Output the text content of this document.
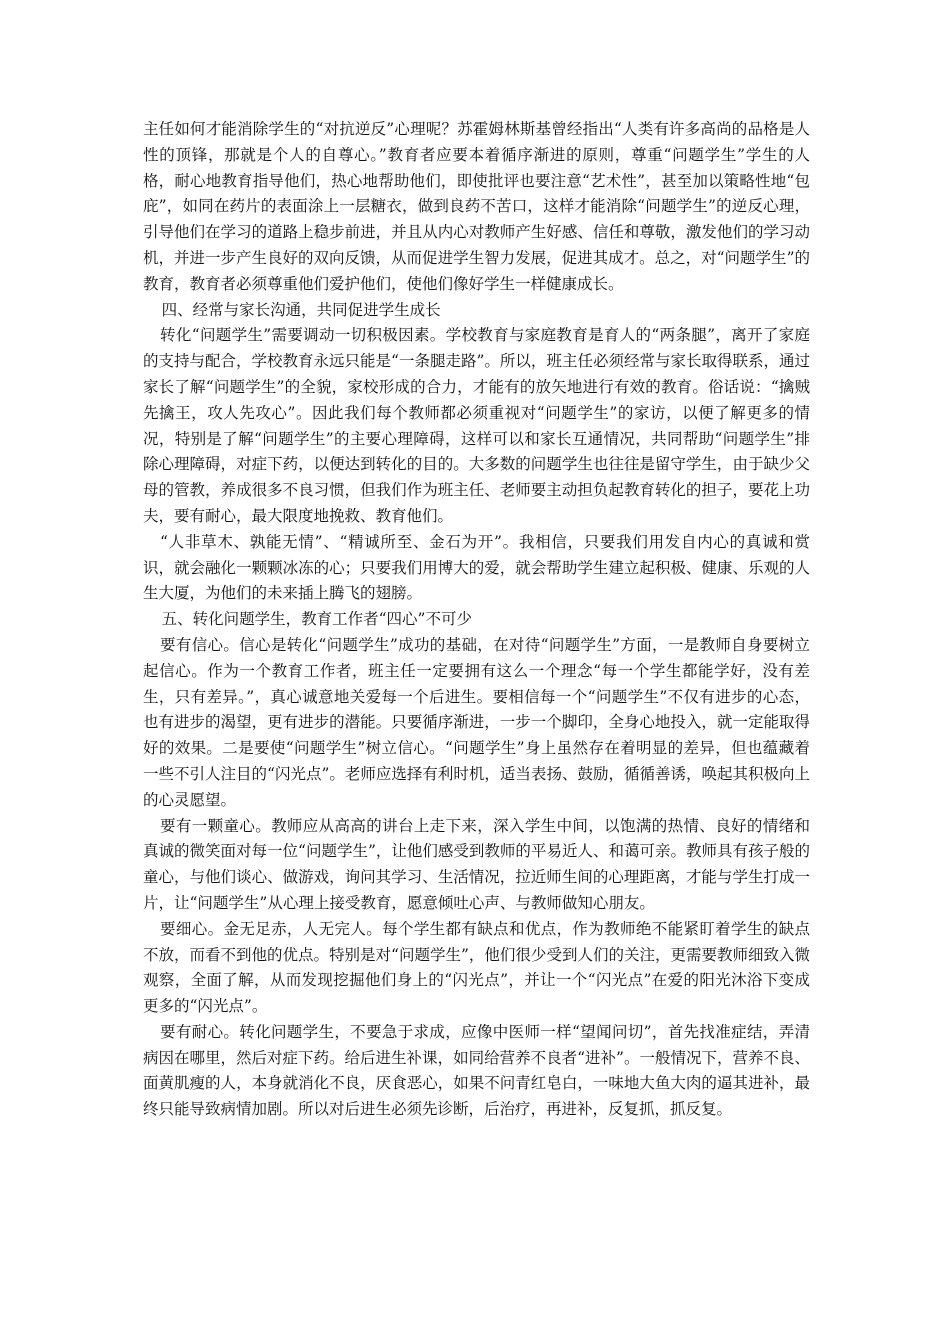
主任如何才能消除学生的“对抗逆反”心理呢？苏霍姆林斯基曾经指出“人类有许多高尚的品格是人性的顶锋，那就是个人的自尊心。”教育者应要本着循序渐进的原则，尊重“问题学生”学生的人格，耐心地教育指导他们，热心地帮助他们，即使批评也要注意“艺术性”，甚至加以策略性地“包庇”，如同在药片的表面涂上一层糖衣，做到良药不苦口，这样才能消除“问题学生”的逆反心理，引导他们在学习的道路上稳步前进，并且从内心对教师产生好感、信任和尊敬，激发他们的学习动机，并进一步产生良好的双向反馈，从而促进学生智力发展，促进其成才。总之，对“问题学生”的教育，教育者必须尊重他们爱护他们，使他们像好学生一样健康成长。

四、经常与家长沟通，共同促进学生成长

转化“问题学生”需要调动一切积极因素。学校教育与家庭教育是育人的“两条腿”，离开了家庭的支持与配合，学校教育永远只能是“一条腿走路”。所以，班主任必须经常与家长取得联系，通过家长了解“问题学生”的全貌，家校形成的合力，才能有的放矢地进行有效的教育。俗话说：“擒贼先擒王，攻人先攻心”。因此我们每个教师都必须重视对“问题学生”的家访，以便了解更多的情况，特别是了解“问题学生”的主要心理障碍，这样可以和家长互通情况，共同帮助“问题学生”排除心理障碍，对症下药，以便达到转化的目的。大多数的问题学生也往往是留守学生，由于缺少父母的管教，养成很多不良习惯，但我们作为班主任、老师要主动担负起教育转化的担子，要花上功夫，要有耐心，最大限度地挽救、教育他们。

“人非草木、孰能无情”、“精诚所至、金石为开”。我相信，只要我们用发自内心的真诚和赏识，就会融化一颗颗冰冻的心；只要我们用博大的爱，就会帮助学生建立起积极、健康、乐观的人生大厦，为他们的未来插上腾飞的翅膀。

五、转化问题学生，教育工作者“四心”不可少

要有信心。信心是转化“问题学生”成功的基础，在对待“问题学生”方面，一是教师自身要树立起信心。作为一个教育工作者，班主任一定要拥有这么一个理念“每一个学生都能学好，没有差生，只有差异。”，真心诚意地关爱每一个后进生。要相信每一个“问题学生”不仅有进步的心态，也有进步的渴望，更有进步的潜能。只要循序渐进，一步一个脚印，全身心地投入，就一定能取得好的效果。二是要使“问题学生”树立信心。“问题学生”身上虽然存在着明显的差异，但也蕴藏着一些不引人注目的“闪光点”。老师应选择有利时机，适当表扬、鼓励，循循善诱，唤起其积极向上的心灵愿望。

要有一颗童心。教师应从高高的讲台上走下来，深入学生中间，以饱满的热情、良好的情绪和真诚的微笑面对每一位“问题学生”，让他们感受到教师的平易近人、和蔼可亲。教师具有孩子般的童心，与他们谈心、做游戏，询问其学习、生活情况，拉近师生间的心理距离，才能与学生打成一片，让“问题学生”从心理上接受教育，愿意倾吐心声、与教师做知心朋友。

要细心。金无足赤，人无完人。每个学生都有缺点和优点，作为教师绝不能紧盯着学生的缺点不放，而看不到他的优点。特别是对“问题学生”，他们很少受到人们的关注，更需要教师细致入微观察，全面了解，从而发现挖掘他们身上的“闪光点”，并让一个“闪光点”在爱的阳光沐浴下变成更多的“闪光点”。

要有耐心。转化问题学生，不要急于求成，应像中医师一样“望闻问切”，首先找准症结，弄清病因在哪里，然后对症下药。给后进生补课，如同给营养不良者“进补”。一般情况下，营养不良、面黄肌瘦的人，本身就消化不良，厌食恶心，如果不问青红皂白，一味地大鱼大肉的逼其进补，最终只能导致病情加剧。所以对后进生必须先诊断，后治疗，再进补，反复抓，抓反复。
